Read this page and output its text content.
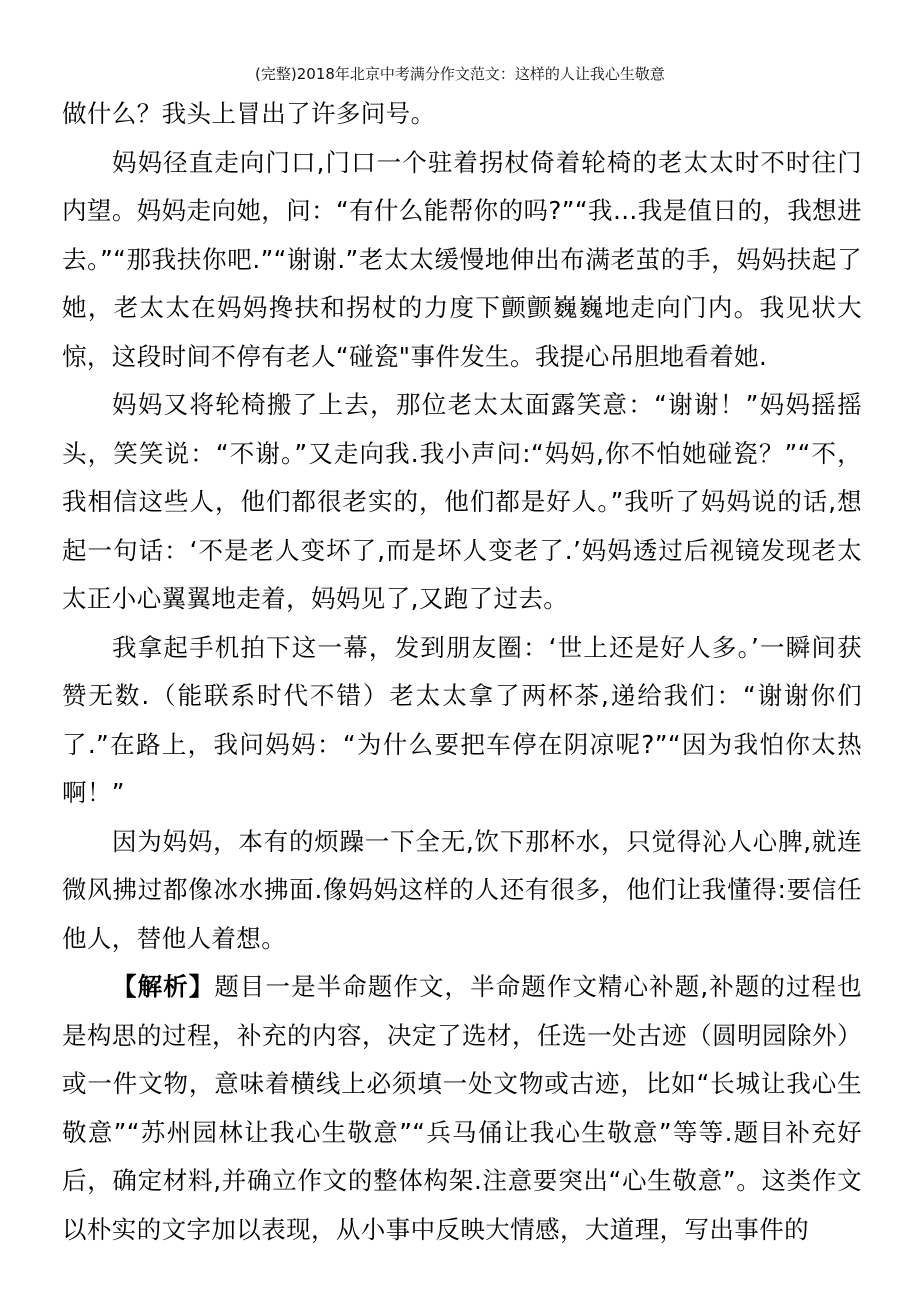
(完整)2018年北京中考满分作文范文：这样的人让我心生敬意

做什么？我头上冒出了许多问号。

妈妈径直走向门口,门口一个驻着拐杖倚着轮椅的老太太时不时往门内望。妈妈走向她，问：“有什么能帮你的吗?”“我…我是值日的，我想进去。”“那我扶你吧.”“谢谢.”老太太缓慢地伸出布满老茧的手，妈妈扶起了她，老太太在妈妈搀扶和拐杖的力度下颤颤巍巍地走向门内。我见状大惊，这段时间不停有老人“碰瓷"事件发生。我提心吊胆地看着她.

妈妈又将轮椅搬了上去，那位老太太面露笑意：“谢谢！”妈妈摇摇头，笑笑说：“不谢。”又走向我.我小声问:“妈妈,你不怕她碰瓷？”“不，我相信这些人，他们都很老实的，他们都是好人。”我听了妈妈说的话,想起一句话：‘不是老人变坏了,而是坏人变老了.’妈妈透过后视镜发现老太太正小心翼翼地走着，妈妈见了,又跑了过去。

我拿起手机拍下这一幕，发到朋友圈：‘世上还是好人多。’一瞬间获赞无数.（能联系时代不错）老太太拿了两杯茶,递给我们：“谢谢你们了.”在路上，我问妈妈：“为什么要把车停在阴凉呢?”“因为我怕你太热啊！”

因为妈妈，本有的烦躁一下全无,饮下那杯水，只觉得沁人心脾,就连微风拂过都像冰水拂面.像妈妈这样的人还有很多，他们让我懂得:要信任他人，替他人着想。

【解析】题目一是半命题作文，半命题作文精心补题,补题的过程也是构思的过程，补充的内容，决定了选材，任选一处古迹（圆明园除外）或一件文物，意味着横线上必须填一处文物或古迹，比如“长城让我心生敬意”“苏州园林让我心生敬意”“兵马俑让我心生敬意”等等.题目补充好后，确定材料,并确立作文的整体构架.注意要突出“心生敬意”。这类作文以朴实的文字加以表现，从小事中反映大情感，大道理，写出事件的
